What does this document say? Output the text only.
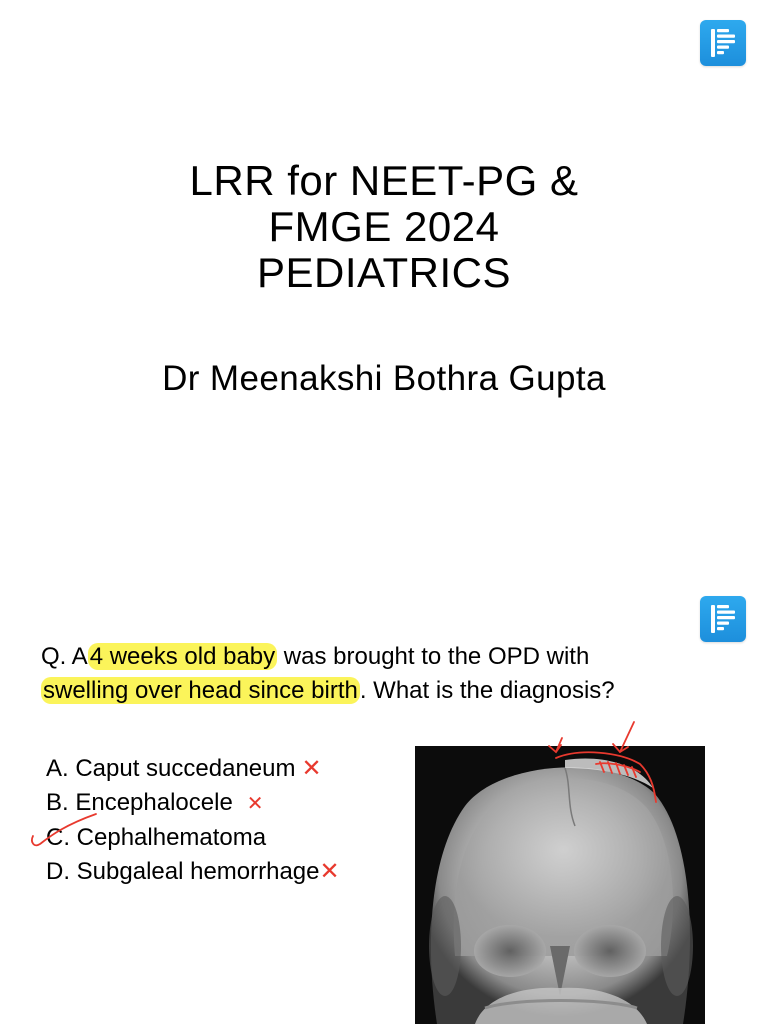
LRR for NEET-PG &
FMGE 2024
PEDIATRICS
Dr Meenakshi Bothra Gupta
Q. A4 weeks old baby was brought to the OPD with
swelling over head since birth. What is the diagnosis?
A. Caput succedaneum ✕
B. Encephalocele ✕
C. Cephalhematoma
D. Subgaleal hemorrhage✕
